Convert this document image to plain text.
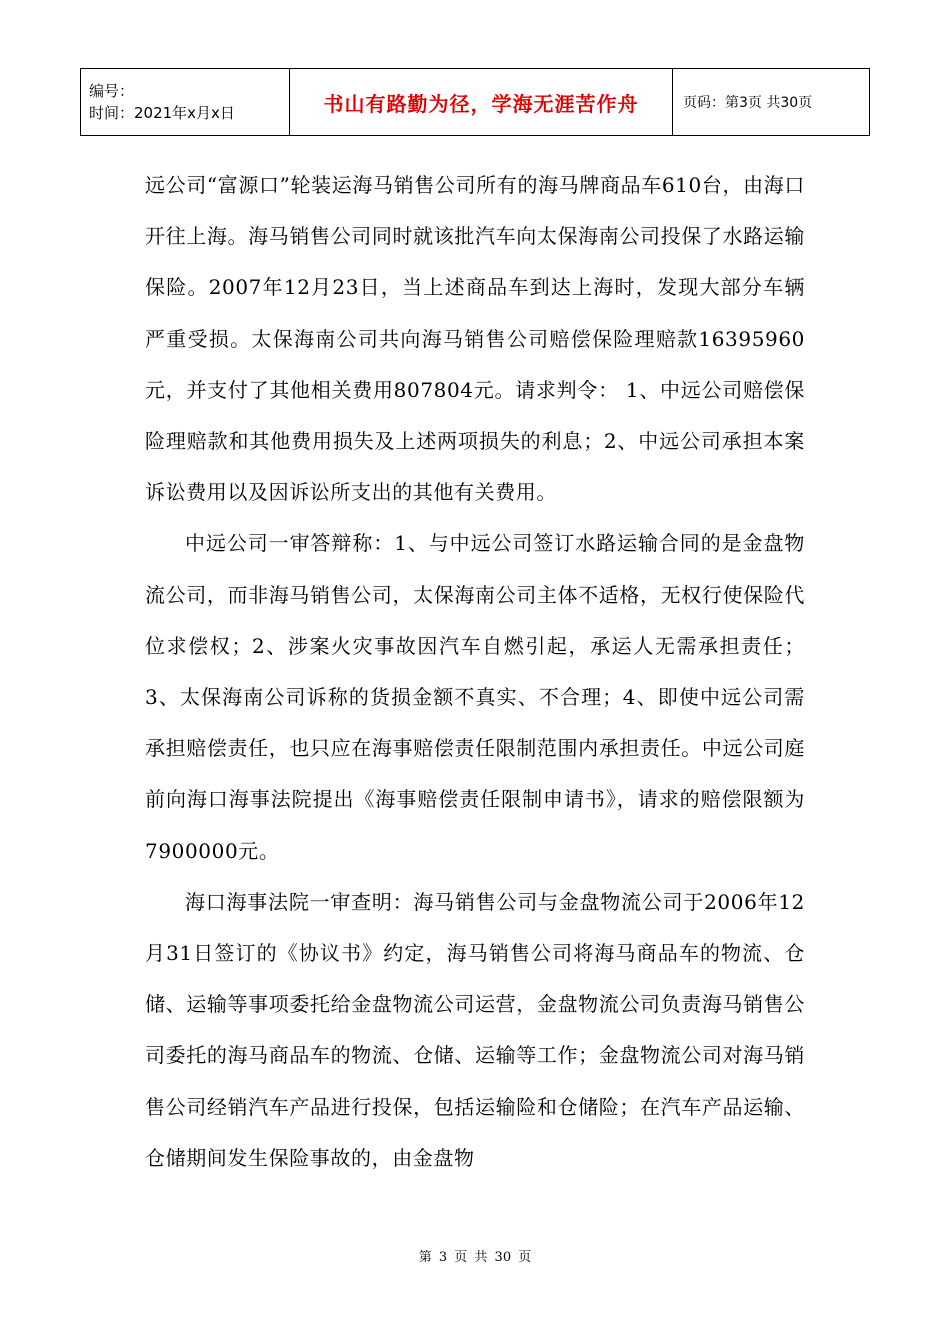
编号：
时间：2021年x月x日	书山有路勤为径，学海无涯苦作舟	页码：第3页 共30页

远公司“富源口”轮装运海马销售公司所有的海马牌商品车610台，由海口开往上海。海马销售公司同时就该批汽车向太保海南公司投保了水路运输保险。2007年12月23日，当上述商品车到达上海时，发现大部分车辆严重受损。太保海南公司共向海马销售公司赔偿保险理赔款16395960元，并支付了其他相关费用807804元。请求判令： 1、中远公司赔偿保险理赔款和其他费用损失及上述两项损失的利息；2、中远公司承担本案诉讼费用以及因诉讼所支出的其他有关费用。

中远公司一审答辩称：1、与中远公司签订水路运输合同的是金盘物流公司，而非海马销售公司，太保海南公司主体不适格，无权行使保险代位求偿权；2、涉案火灾事故因汽车自燃引起，承运人无需承担责任；3、太保海南公司诉称的货损金额不真实、不合理；4、即使中远公司需承担赔偿责任，也只应在海事赔偿责任限制范围内承担责任。中远公司庭前向海口海事法院提出《海事赔偿责任限制申请书》，请求的赔偿限额为7900000元。

海口海事法院一审查明：海马销售公司与金盘物流公司于2006年12月31日签订的《协议书》约定，海马销售公司将海马商品车的物流、仓储、运输等事项委托给金盘物流公司运营，金盘物流公司负责海马销售公司委托的海马商品车的物流、仓储、运输等工作；金盘物流公司对海马销售公司经销汽车产品进行投保，包括运输险和仓储险；在汽车产品运输、仓储期间发生保险事故的，由金盘物

第 3 页 共 30 页
